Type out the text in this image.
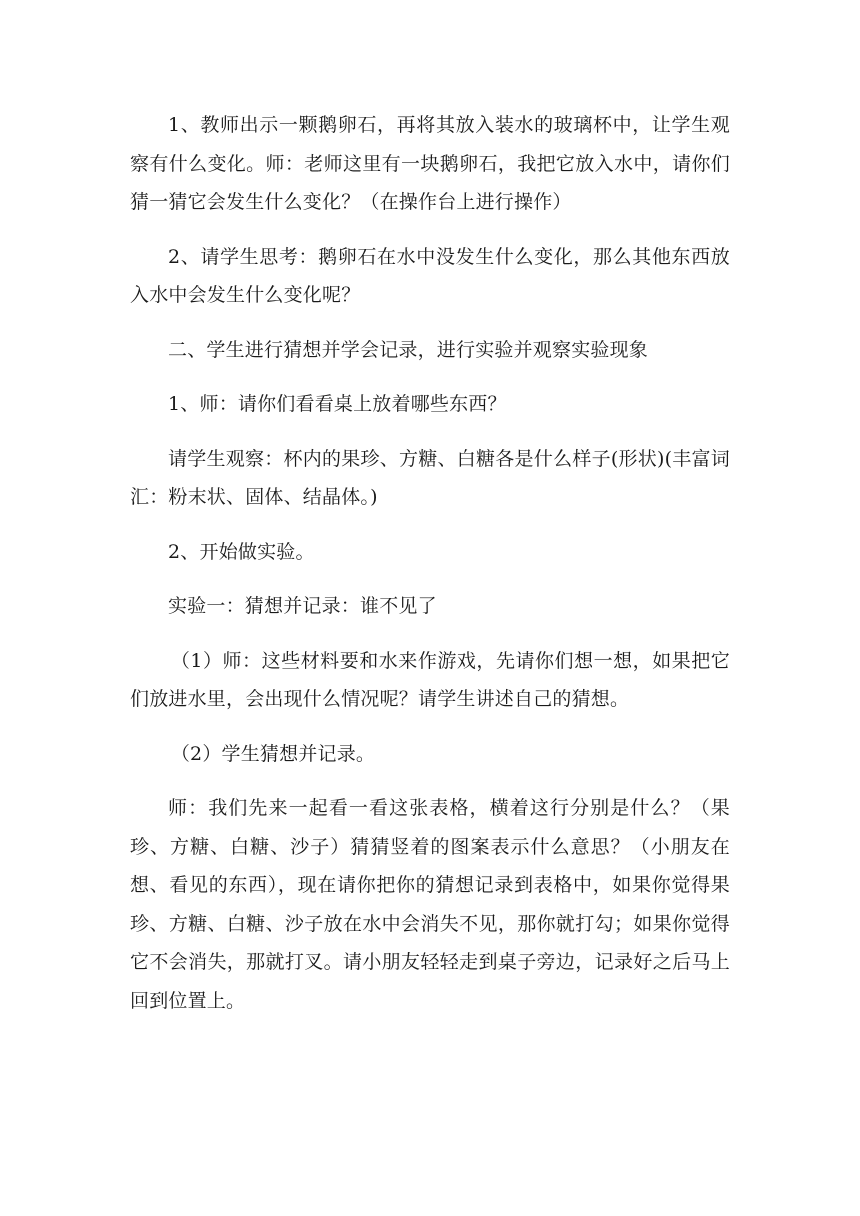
1、教师出示一颗鹅卵石，再将其放入装水的玻璃杯中，让学生观察有什么变化。师：老师这里有一块鹅卵石，我把它放入水中，请你们猜一猜它会发生什么变化？（在操作台上进行操作）

2、请学生思考：鹅卵石在水中没发生什么变化，那么其他东西放入水中会发生什么变化呢？

二、学生进行猜想并学会记录，进行实验并观察实验现象

1、师：请你们看看桌上放着哪些东西？

请学生观察：杯内的果珍、方糖、白糖各是什么样子(形状)(丰富词汇：粉末状、固体、结晶体。)

2、开始做实验。

实验一：猜想并记录：谁不见了

（1）师：这些材料要和水来作游戏，先请你们想一想，如果把它们放进水里，会出现什么情况呢？请学生讲述自己的猜想。

（2）学生猜想并记录。

师：我们先来一起看一看这张表格，横着这行分别是什么？（果珍、方糖、白糖、沙子）猜猜竖着的图案表示什么意思？（小朋友在想、看见的东西），现在请你把你的猜想记录到表格中，如果你觉得果珍、方糖、白糖、沙子放在水中会消失不见，那你就打勾；如果你觉得它不会消失，那就打叉。请小朋友轻轻走到桌子旁边，记录好之后马上回到位置上。
